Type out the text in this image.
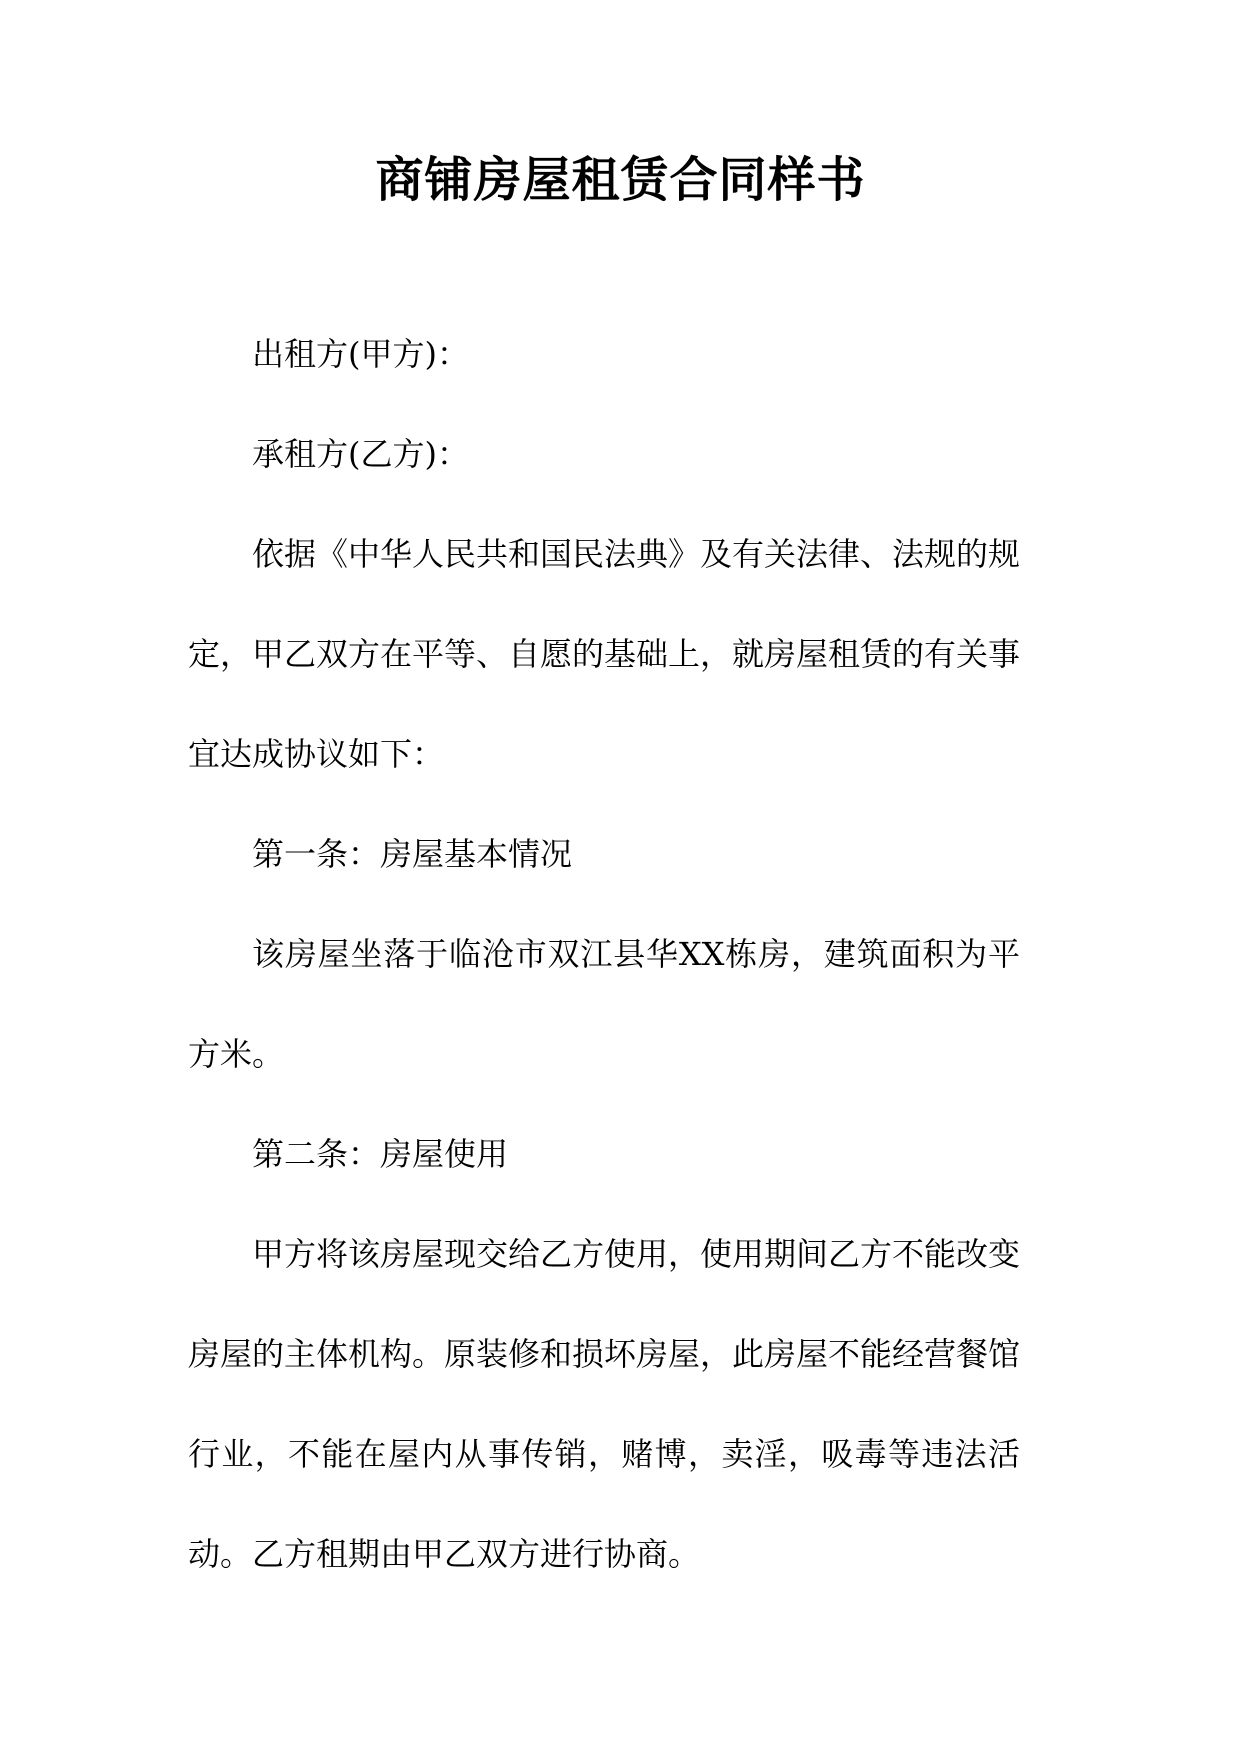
商铺房屋租赁合同样书

出租方(甲方)：

承租方(乙方)：

依据《中华人民共和国民法典》及有关法律、法规的规定，甲乙双方在平等、自愿的基础上，就房屋租赁的有关事宜达成协议如下：

第一条：房屋基本情况

该房屋坐落于临沧市双江县华XX栋房，建筑面积为平方米。

第二条：房屋使用

甲方将该房屋现交给乙方使用，使用期间乙方不能改变房屋的主体机构。原装修和损坏房屋，此房屋不能经营餐馆行业，不能在屋内从事传销，赌博，卖淫，吸毒等违法活动。乙方租期由甲乙双方进行协商。
